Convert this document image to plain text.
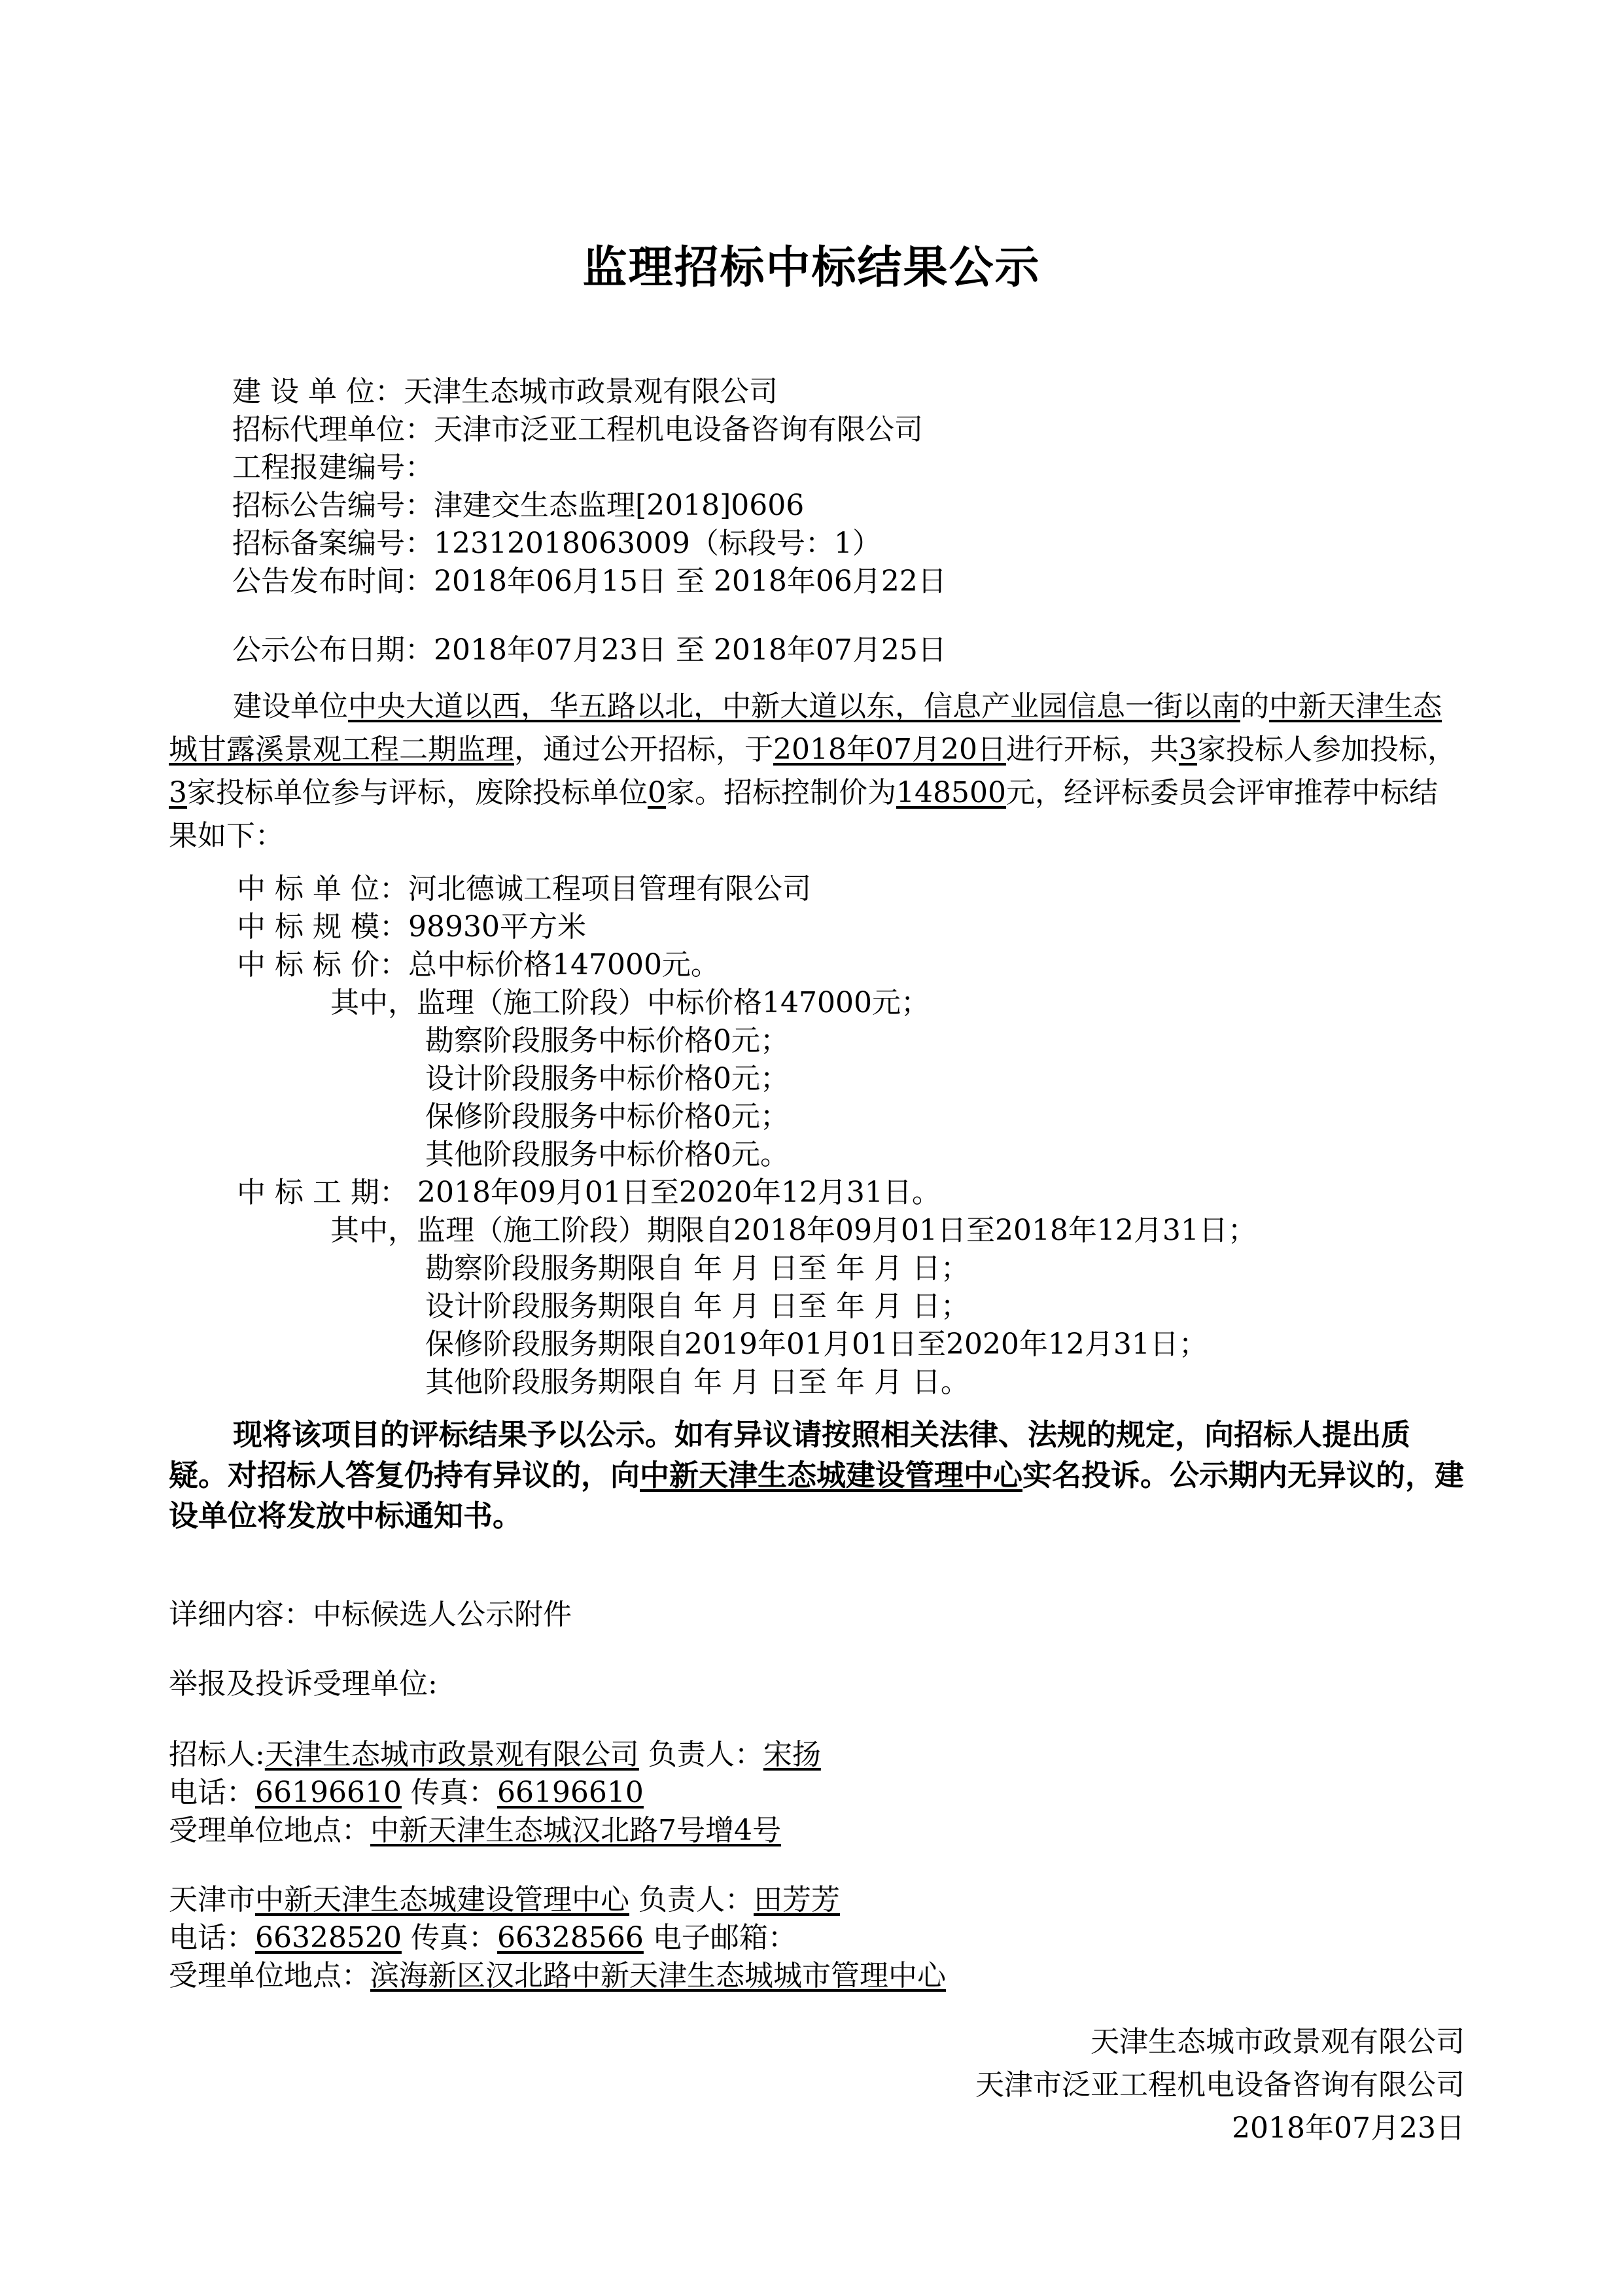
监理招标中标结果公示
建 设 单 位：天津生态城市政景观有限公司
招标代理单位：天津市泛亚工程机电设备咨询有限公司
工程报建编号：
招标公告编号：津建交生态监理[2018]0606
招标备案编号：12312018063009（标段号：1）
公告发布时间：2018年06月15日 至 2018年06月22日
公示公布日期：2018年07月23日 至 2018年07月25日
建设单位中央大道以西，华五路以北，中新大道以东，信息产业园信息一街以南的中新天津生态城甘露溪景观工程二期监理，通过公开招标，于2018年07月20日进行开标，共3家投标人参加投标，3家投标单位参与评标，废除投标单位0家。招标控制价为148500元，经评标委员会评审推荐中标结果如下：
中 标 单 位：河北德诚工程项目管理有限公司
中 标 规 模：98930平方米
中 标 标 价：总中标价格147000元。
其中，监理（施工阶段）中标价格147000元；
勘察阶段服务中标价格0元；
设计阶段服务中标价格0元；
保修阶段服务中标价格0元；
其他阶段服务中标价格0元。
中 标 工 期： 2018年09月01日至2020年12月31日。
其中，监理（施工阶段）期限自2018年09月01日至2018年12月31日；
勘察阶段服务期限自 年 月 日至 年 月 日；
设计阶段服务期限自 年 月 日至 年 月 日；
保修阶段服务期限自2019年01月01日至2020年12月31日；
其他阶段服务期限自 年 月 日至 年 月 日。
现将该项目的评标结果予以公示。如有异议请按照相关法律、法规的规定，向招标人提出质疑。对招标人答复仍持有异议的，向中新天津生态城建设管理中心实名投诉。公示期内无异议的，建设单位将发放中标通知书。
详细内容：中标候选人公示附件
举报及投诉受理单位:
招标人:天津生态城市政景观有限公司 负责人：宋扬
电话：66196610 传真：66196610
受理单位地点：中新天津生态城汉北路7号增4号
天津市中新天津生态城建设管理中心 负责人：田芳芳
电话：66328520 传真：66328566 电子邮箱：
受理单位地点：滨海新区汉北路中新天津生态城城市管理中心
天津生态城市政景观有限公司
天津市泛亚工程机电设备咨询有限公司
2018年07月23日
